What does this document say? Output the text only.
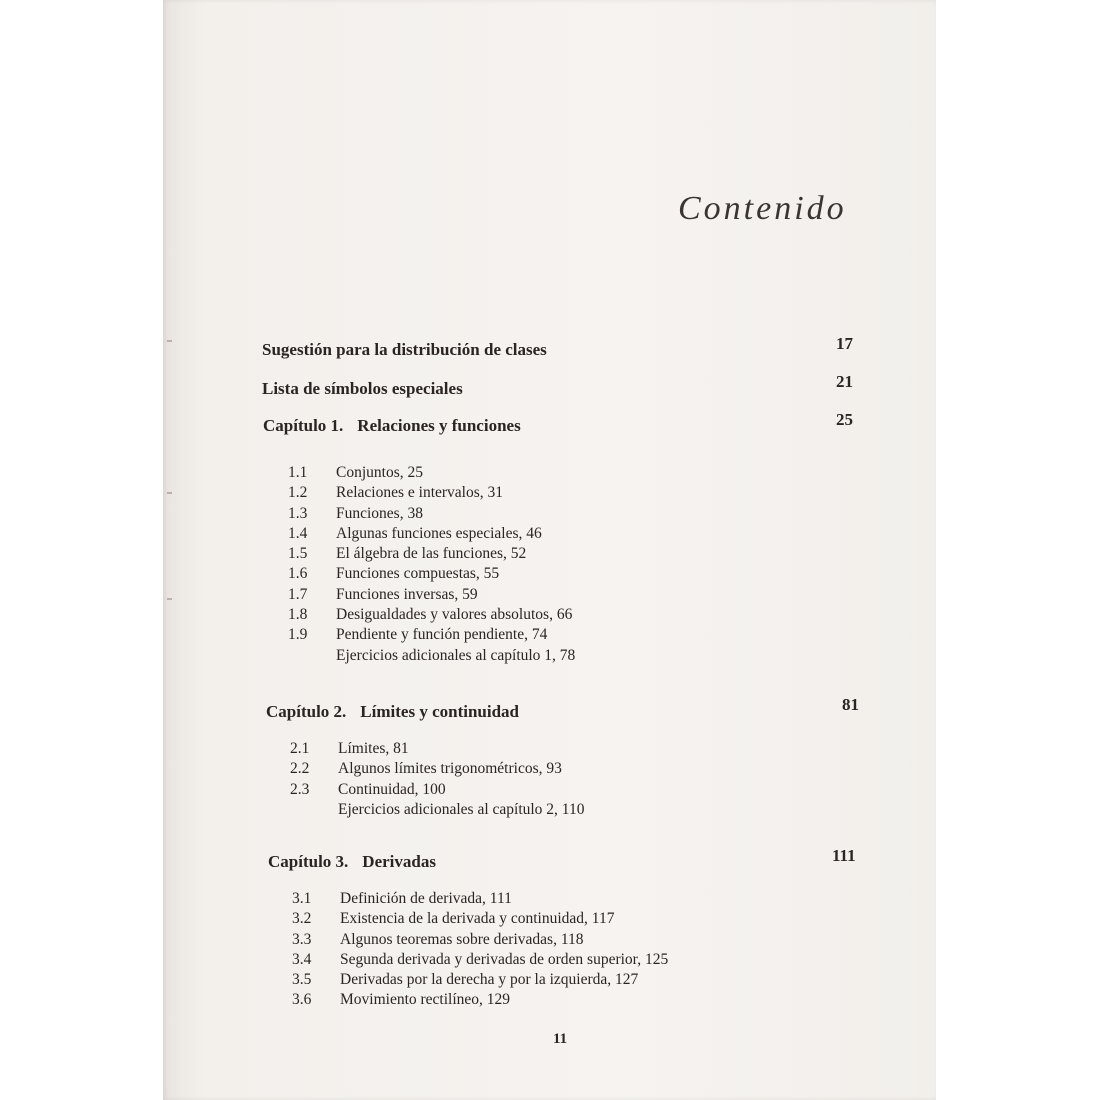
Contenido
Sugestión para la distribución de clases	17
Lista de símbolos especiales	21
Capítulo 1. Relaciones y funciones	25
1.1 Conjuntos, 25
1.2 Relaciones e intervalos, 31
1.3 Funciones, 38
1.4 Algunas funciones especiales, 46
1.5 El álgebra de las funciones, 52
1.6 Funciones compuestas, 55
1.7 Funciones inversas, 59
1.8 Desigualdades y valores absolutos, 66
1.9 Pendiente y función pendiente, 74
Ejercicios adicionales al capítulo 1, 78
Capítulo 2. Límites y continuidad	81
2.1 Límites, 81
2.2 Algunos límites trigonométricos, 93
2.3 Continuidad, 100
Ejercicios adicionales al capítulo 2, 110
Capítulo 3. Derivadas	111
3.1 Definición de derivada, 111
3.2 Existencia de la derivada y continuidad, 117
3.3 Algunos teoremas sobre derivadas, 118
3.4 Segunda derivada y derivadas de orden superior, 125
3.5 Derivadas por la derecha y por la izquierda, 127
3.6 Movimiento rectilíneo, 129
11
